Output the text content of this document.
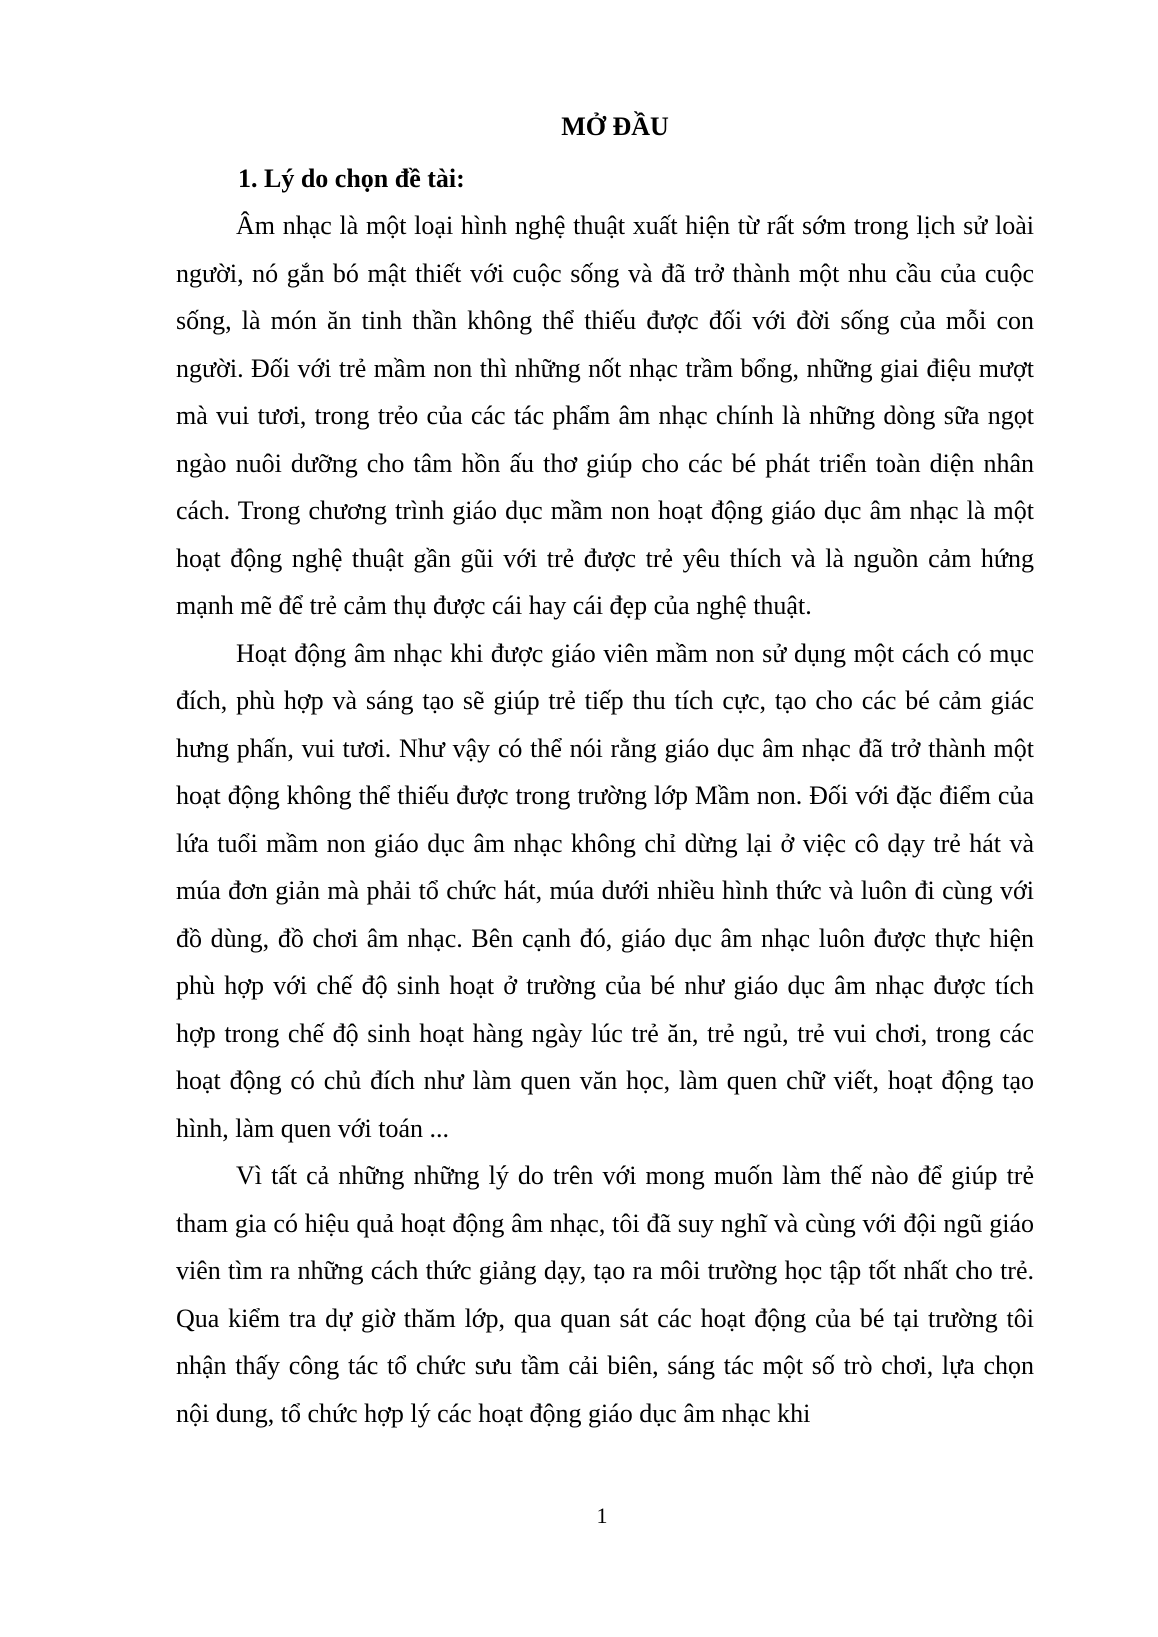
MỞ ĐẦU
1. Lý do chọn đề tài:

Âm nhạc là một loại hình nghệ thuật xuất hiện từ rất sớm trong lịch sử loài người, nó gắn bó mật thiết với cuộc sống và đã trở thành một nhu cầu của cuộc sống, là món ăn tinh thần không thể thiếu được đối với đời sống của mỗi con người. Đối với trẻ mầm non thì những nốt nhạc trầm bổng, những giai điệu mượt mà vui tươi, trong trẻo của các tác phẩm âm nhạc chính là những dòng sữa ngọt ngào nuôi dưỡng cho tâm hồn ấu thơ giúp cho các bé phát triển toàn diện nhân cách. Trong chương trình giáo dục mầm non hoạt động giáo dục âm nhạc là một hoạt động nghệ thuật gần gũi với trẻ được trẻ yêu thích và là nguồn cảm hứng mạnh mẽ để trẻ cảm thụ được cái hay cái đẹp của nghệ thuật.

Hoạt động âm nhạc khi được giáo viên mầm non sử dụng một cách có mục đích, phù hợp và sáng tạo sẽ giúp trẻ tiếp thu tích cực, tạo cho các bé cảm giác hưng phấn, vui tươi. Như vậy có thể nói rằng giáo dục âm nhạc đã trở thành một hoạt động không thể thiếu được trong trường lớp Mầm non. Đối với đặc điểm của lứa tuổi mầm non giáo dục âm nhạc không chỉ dừng lại ở việc cô dạy trẻ hát và múa đơn giản mà phải tổ chức hát, múa dưới nhiều hình thức và luôn đi cùng với đồ dùng, đồ chơi âm nhạc. Bên cạnh đó, giáo dục âm nhạc luôn được thực hiện phù hợp với chế độ sinh hoạt ở trường của bé như giáo dục âm nhạc được tích hợp trong chế độ sinh hoạt hàng ngày lúc trẻ ăn, trẻ ngủ, trẻ vui chơi, trong các hoạt động có chủ đích như làm quen văn học, làm quen chữ viết, hoạt động tạo hình, làm quen với toán ...

Vì tất cả những những lý do trên với mong muốn làm thế nào để giúp trẻ tham gia có hiệu quả hoạt động âm nhạc, tôi đã suy nghĩ và cùng với đội ngũ giáo viên tìm ra những cách thức giảng dạy, tạo ra môi trường học tập tốt nhất cho trẻ. Qua kiểm tra dự giờ thăm lớp, qua quan sát các hoạt động của bé tại trường tôi nhận thấy công tác tổ chức sưu tầm cải biên, sáng tác một số trò chơi, lựa chọn nội dung, tổ chức hợp lý các hoạt động giáo dục âm nhạc khi

1
